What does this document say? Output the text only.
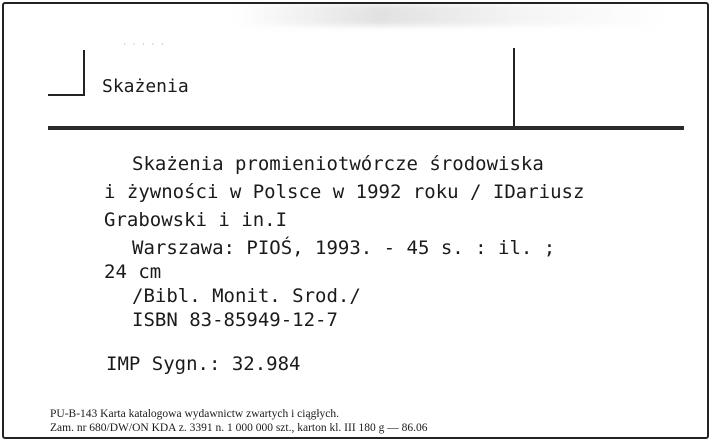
·····
Skażenia
Skażenia promieniotwórcze środowiska
i żywności w Polsce w 1992 roku / IDariusz
Grabowski i in.I
Warszawa: PIOŚ, 1993. - 45 s. : il. ;
24 cm
/Bibl. Monit. Srod./
ISBN 83-85949-12-7
IMP Sygn.: 32.984
PU-B-143 Karta katalogowa wydawnictw zwartych i ciągłych.
Zam. nr 680/DW/ON KDA z. 3391 n. 1 000 000 szt., karton kl. III 180 g — 86.06
